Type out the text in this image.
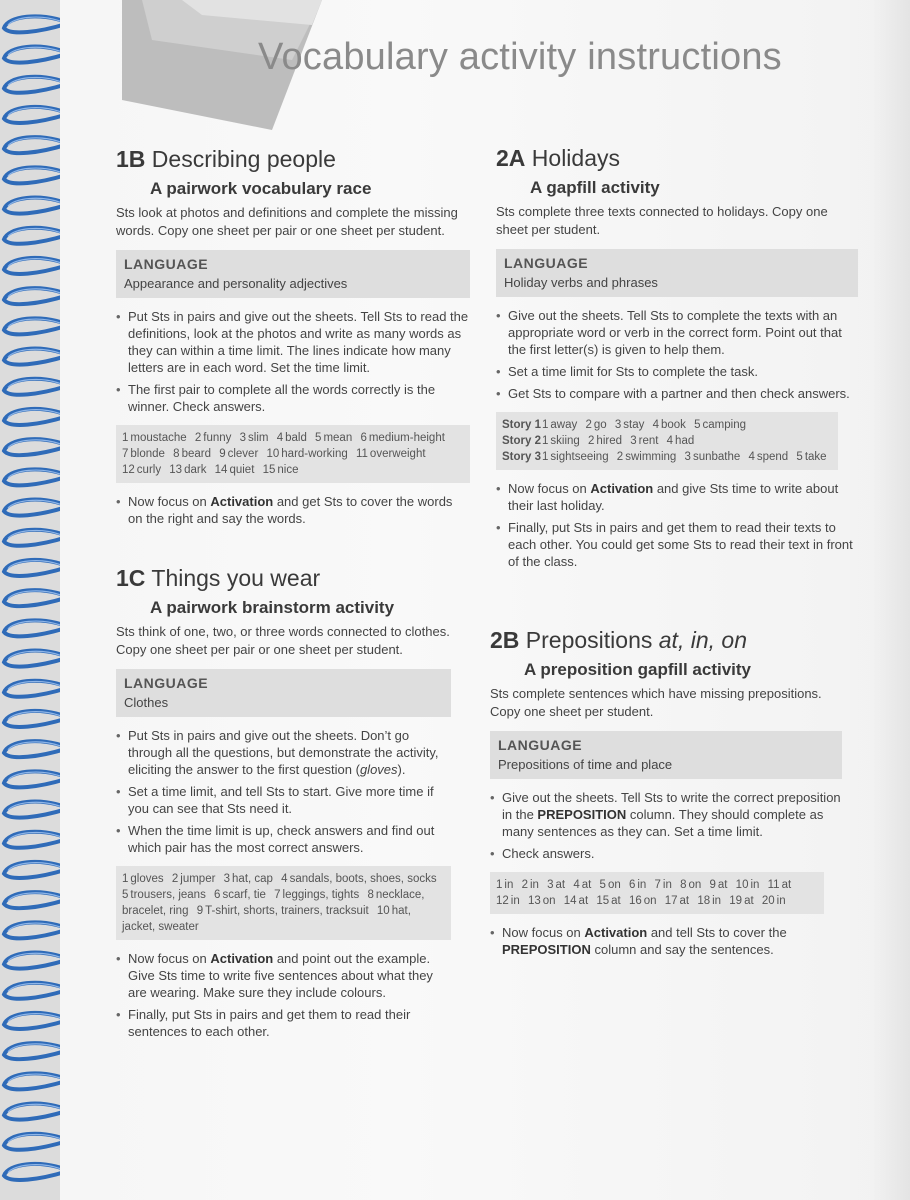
Vocabulary activity instructions
1B Describing people
A pairwork vocabulary race

Sts look at photos and definitions and complete the missing words. Copy one sheet per pair or one sheet per student.

LANGUAGE
Appearance and personality adjectives
• Put Sts in pairs and give out the sheets. Tell Sts to read the definitions, look at the photos and write as many words as they can within a time limit. The lines indicate how many letters are in each word. Set the time limit.
• The first pair to complete all the words correctly is the winner. Check answers.
1 moustache 2 funny 3 slim 4 bald 5 mean 6 medium-height 7 blonde 8 beard 9 clever 10 hard-working 11 overweight 12 curly 13 dark 14 quiet 15 nice
• Now focus on Activation and get Sts to cover the words on the right and say the words.
1C Things you wear
A pairwork brainstorm activity

Sts think of one, two, or three words connected to clothes. Copy one sheet per pair or one sheet per student.

LANGUAGE
Clothes
• Put Sts in pairs and give out the sheets. Don’t go through all the questions, but demonstrate the activity, eliciting the answer to the first question (gloves).
• Set a time limit, and tell Sts to start. Give more time if you can see that Sts need it.
• When the time limit is up, check answers and find out which pair has the most correct answers.
1 gloves 2 jumper 3 hat, cap 4 sandals, boots, shoes, socks 5 trousers, jeans 6 scarf, tie 7 leggings, tights 8 necklace, bracelet, ring 9 T-shirt, shorts, trainers, tracksuit 10 hat, jacket, sweater
• Now focus on Activation and point out the example. Give Sts time to write five sentences about what they are wearing. Make sure they include colours.
• Finally, put Sts in pairs and get them to read their sentences to each other.
2A Holidays
A gapfill activity

Sts complete three texts connected to holidays. Copy one sheet per student.

LANGUAGE
Holiday verbs and phrases
• Give out the sheets. Tell Sts to complete the texts with an appropriate word or verb in the correct form. Point out that the first letter(s) is given to help them.
• Set a time limit for Sts to complete the task.
• Get Sts to compare with a partner and then check answers.
Story 1 1 away 2 go 3 stay 4 book 5 camping
Story 2 1 skiing 2 hired 3 rent 4 had
Story 3 1 sightseeing 2 swimming 3 sunbathe 4 spend 5 take
• Now focus on Activation and give Sts time to write about their last holiday.
• Finally, put Sts in pairs and get them to read their texts to each other. You could get some Sts to read their text in front of the class.
2B Prepositions at, in, on
A preposition gapfill activity

Sts complete sentences which have missing prepositions. Copy one sheet per student.

LANGUAGE
Prepositions of time and place
• Give out the sheets. Tell Sts to write the correct preposition in the PREPOSITION column. They should complete as many sentences as they can. Set a time limit.
• Check answers.
1 in 2 in 3 at 4 at 5 on 6 in 7 in 8 on 9 at 10 in 11 at 12 in 13 on 14 at 15 at 16 on 17 at 18 in 19 at 20 in
• Now focus on Activation and tell Sts to cover the PREPOSITION column and say the sentences.
